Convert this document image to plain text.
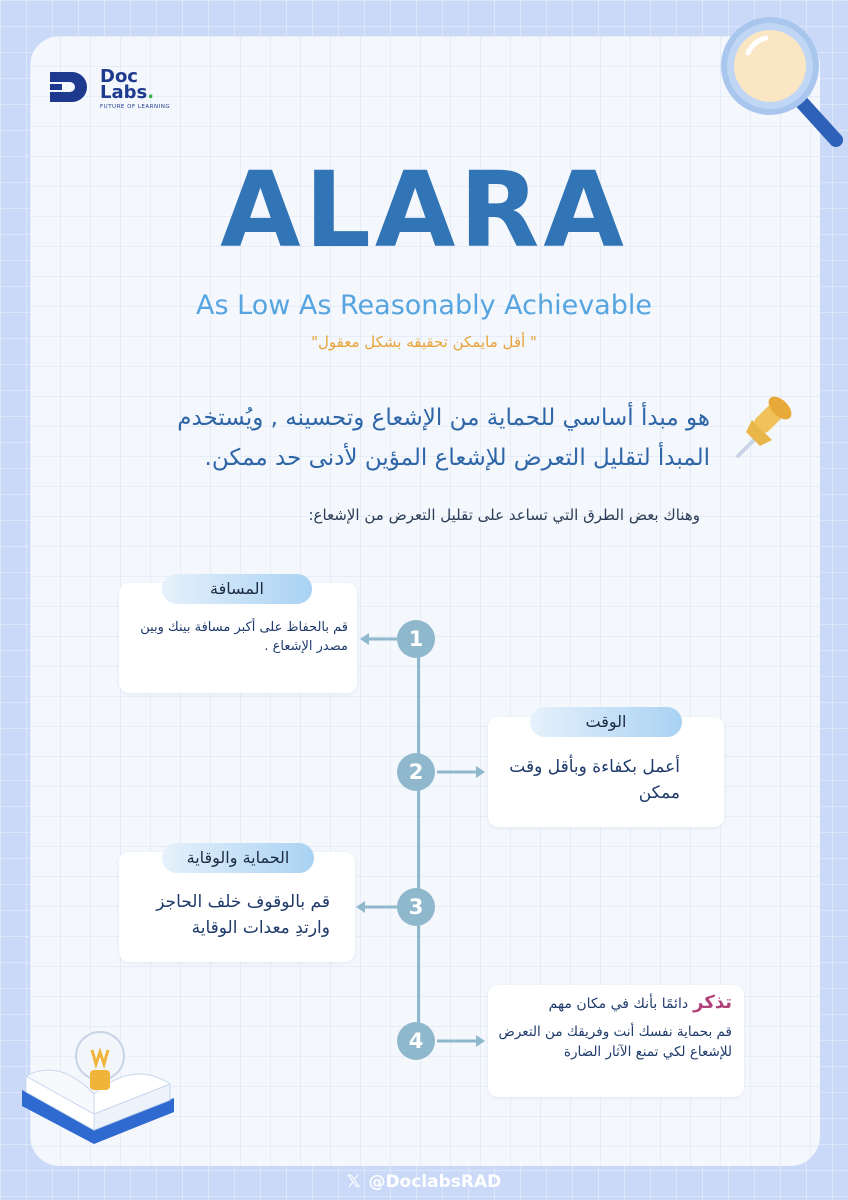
Doc
Labs.
FUTURE OF LEARNING
ALARA
As Low As Reasonably Achievable
" أقل مايمكن تحقيقه بشكل معقول"
هو مبدأ أساسي للحماية من الإشعاع وتحسينه , ويُستخدم المبدأ لتقليل التعرض للإشعاع المؤين لأدنى حد ممكن.
وهناك بعض الطرق التي تساعد على تقليل التعرض من الإشعاع:
المسافة
قم بالحفاظ على أكبر مسافة بينك وبين مصدر الإشعاع .	1
الوقت
أعمل بكفاءة وبأقل وقت ممكن
2
الحماية والوقاية
قم بالوقوف خلف الحاجز وارتدِ معدات الوقاية
3
تذكر دائمًا بأنك في مكان مهم
قم بحماية نفسك أنت وفريقك من التعرض للإشعاع لكي تمنع الآثار الضارة
4
𝕏 @DoclabsRAD
